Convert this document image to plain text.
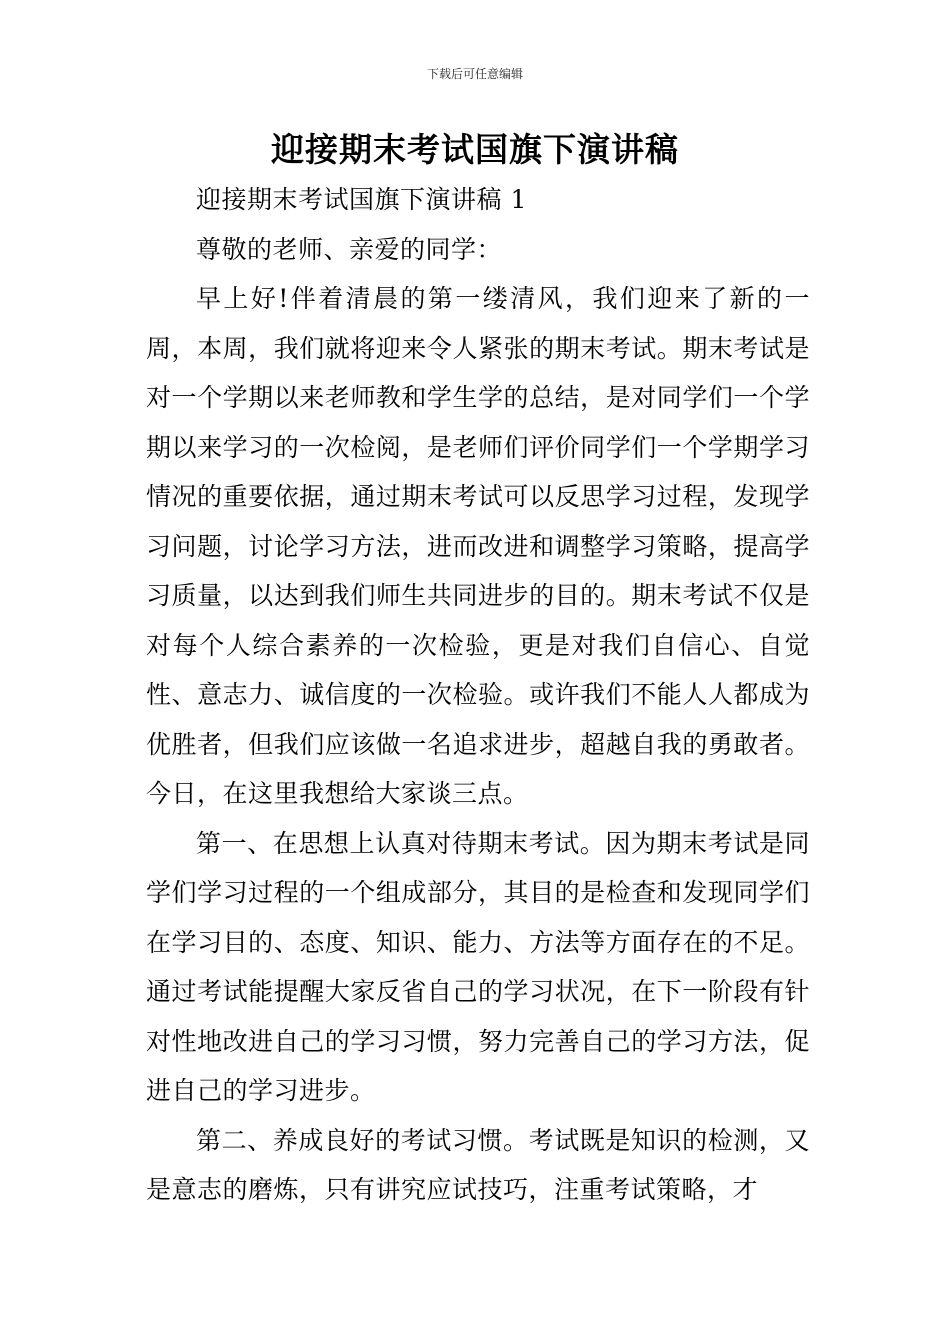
下载后可任意编辑
迎接期末考试国旗下演讲稿

迎接期末考试国旗下演讲稿 1

尊敬的老师、亲爱的同学：

早上好!伴着清晨的第一缕清风，我们迎来了新的一周，本周，我们就将迎来令人紧张的期末考试。期末考试是对一个学期以来老师教和学生学的总结，是对同学们一个学期以来学习的一次检阅，是老师们评价同学们一个学期学习情况的重要依据，通过期末考试可以反思学习过程，发现学习问题，讨论学习方法，进而改进和调整学习策略，提高学习质量，以达到我们师生共同进步的目的。期末考试不仅是对每个人综合素养的一次检验，更是对我们自信心、自觉性、意志力、诚信度的一次检验。或许我们不能人人都成为优胜者，但我们应该做一名追求进步，超越自我的勇敢者。今日，在这里我想给大家谈三点。

第一、在思想上认真对待期末考试。因为期末考试是同学们学习过程的一个组成部分，其目的是检查和发现同学们在学习目的、态度、知识、能力、方法等方面存在的不足。通过考试能提醒大家反省自己的学习状况，在下一阶段有针对性地改进自己的学习习惯，努力完善自己的学习方法，促进自己的学习进步。

第二、养成良好的考试习惯。考试既是知识的检测，又是意志的磨炼，只有讲究应试技巧，注重考试策略，才
